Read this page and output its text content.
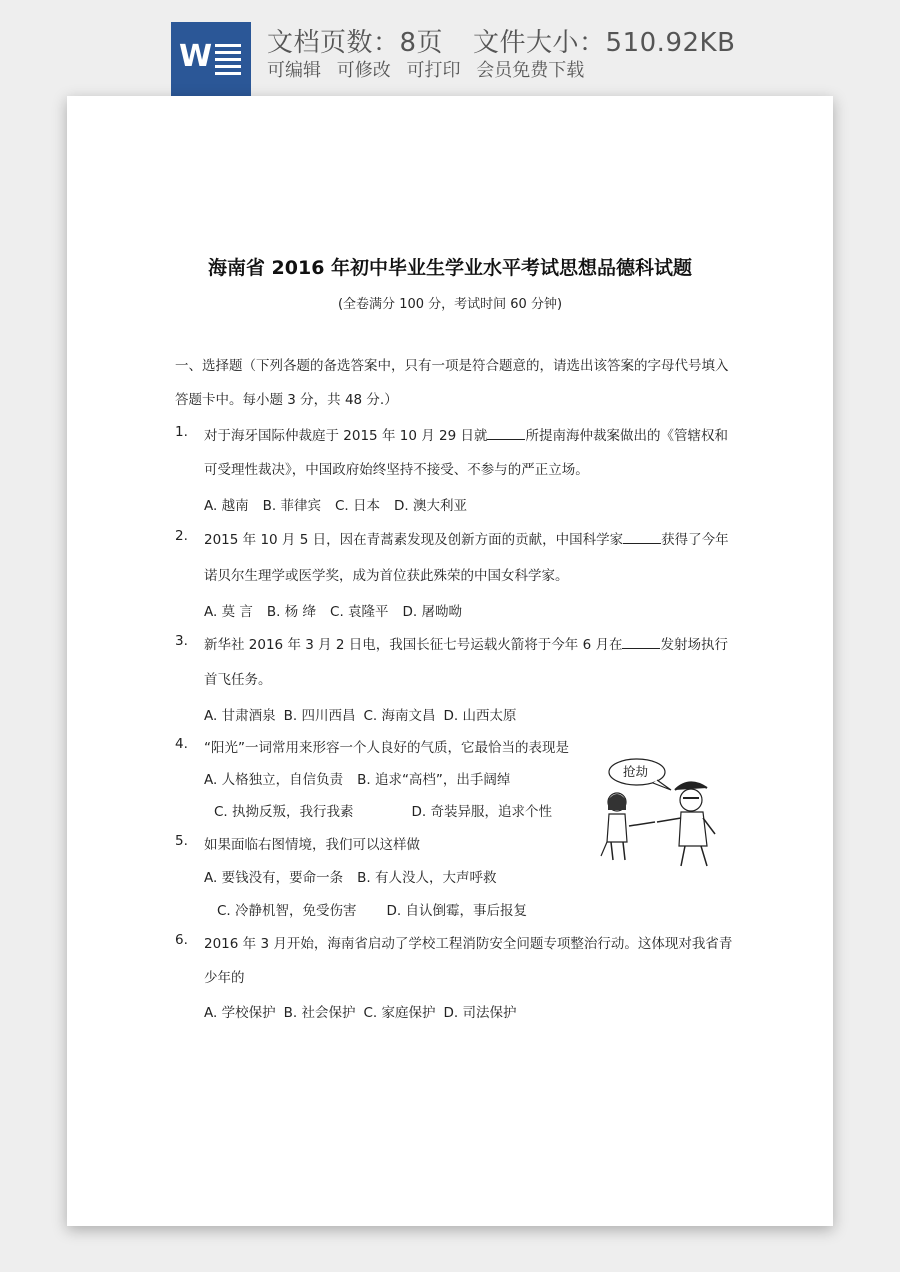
W 文档页数：8页 文件大小：510.92KB
可编辑 可修改 可打印 会员免费下载
海南省 2016 年初中毕业生学业水平考试思想品德科试题
(全卷满分 100 分，考试时间 60 分钟)
一、选择题（下列各题的备选答案中，只有一项是符合题意的，请选出该答案的字母代号填入
答题卡中。每小题 3 分，共 48 分.）
1. 对于海牙国际仲裁庭于 2015 年 10 月 29 日就	所提南海仲裁案做出的《管辖权和
可受理性裁决》，中国政府始终坚持不接受、不参与的严正立场。
A. 越南 B. 菲律宾 C. 日本 D. 澳大利亚
2. 2015 年 10 月 5 日，因在青蒿素发现及创新方面的贡献，中国科学家	获得了今年
诺贝尔生理学或医学奖，成为首位获此殊荣的中国女科学家。
A. 莫 言 B. 杨 绛 C. 袁隆平 D. 屠呦呦
3. 新华社 2016 年 3 月 2 日电，我国长征七号运载火箭将于今年 6 月在	发射场执行
首飞任务。
A. 甘肃酒泉 B. 四川西昌 C. 海南文昌 D. 山西太原
4. “阳光”一词常用来形容一个人良好的气质，它最恰当的表现是
A. 人格独立，自信负责 B. 追求“高档”，出手阔绰
C. 执拗反叛，我行我素	D. 奇装异服，追求个性
5. 如果面临右图情境，我们可以这样做
A. 要钱没有，要命一条 B. 有人没人，大声呼救
C. 冷静机智，免受伤害 D. 自认倒霉，事后报复
6. 2016 年 3 月开始，海南省启动了学校工程消防安全问题专项整治行动。这体现对我省青
少年的
A. 学校保护 B. 社会保护 C. 家庭保护 D. 司法保护
抢劫
